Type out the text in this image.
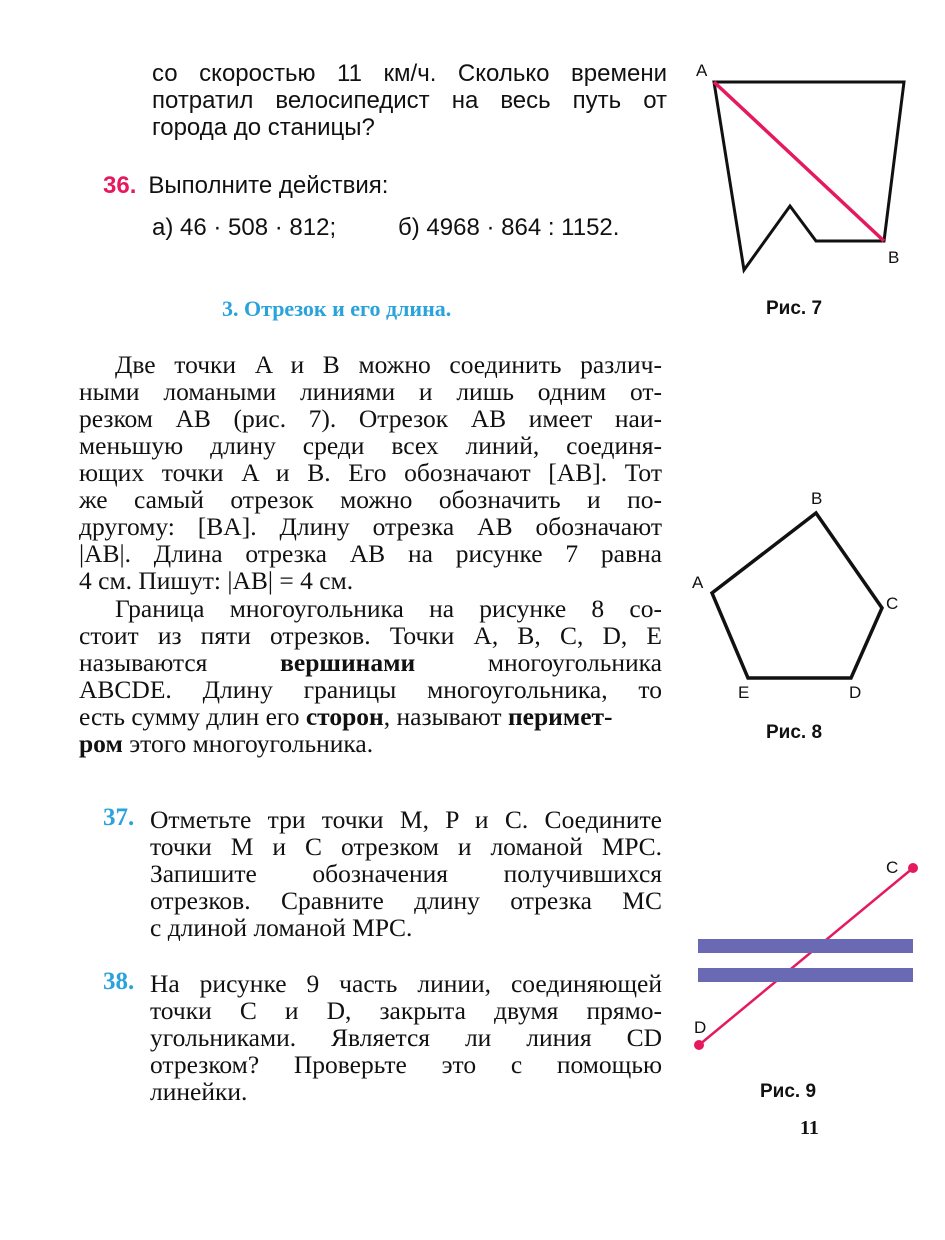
со скоростью 11 км/ч. Сколько времени
потратил велосипедист на весь путь от
города до станицы?
36. Выполните действия:
а) 46 · 508 · 812;	б) 4968 · 864 : 1152.
3. Отрезок и его длина.
Две точки A и B можно соединить различ-
ными ломаными линиями и лишь одним от-
резком AB (рис. 7). Отрезок AB имеет наи-
меньшую длину среди всех линий, соединя-
ющих точки A и B. Его обозначают [AB]. Тот
же самый отрезок можно обозначить и по-
другому: [BA]. Длину отрезка AB обозначают
|AB|. Длина отрезка AB на рисунке 7 равна
4 см. Пишут: |AB| = 4 см.
Граница многоугольника на рисунке 8 со-
стоит из пяти отрезков. Точки A, B, C, D, E
называются	вершинами	многоугольника
ABCDE. Длину границы многоугольника, то
есть сумму длин его сторон, называют перимет-
ром этого многоугольника.
37. Отметьте три точки M, P и C. Соедините
точки M и C отрезком и ломаной MPC.
Запишите обозначения получившихся
отрезков. Сравните длину отрезка MC
с длиной ломаной MPC.
38. На рисунке 9 часть линии, соединяющей
точки C и D, закрыта двумя прямо-
угольниками. Является ли линия CD
отрезком? Проверьте это с помощью
линейки.
A
B
Рис. 7
A
B
C
D
E
Рис. 8
C
D
Рис. 9
11
